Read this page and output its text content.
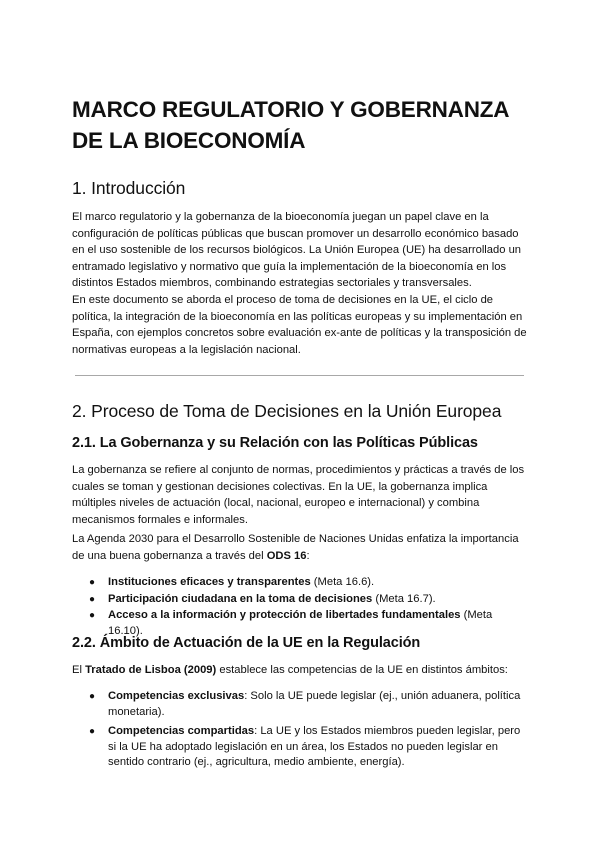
MARCO REGULATORIO Y GOBERNANZA DE LA BIOECONOMÍA
1. Introducción

El marco regulatorio y la gobernanza de la bioeconomía juegan un papel clave en la configuración de políticas públicas que buscan promover un desarrollo económico basado en el uso sostenible de los recursos biológicos. La Unión Europea (UE) ha desarrollado un entramado legislativo y normativo que guía la implementación de la bioeconomía en los distintos Estados miembros, combinando estrategias sectoriales y transversales.

En este documento se aborda el proceso de toma de decisiones en la UE, el ciclo de política, la integración de la bioeconomía en las políticas europeas y su implementación en España, con ejemplos concretos sobre evaluación ex-ante de políticas y la transposición de normativas europeas a la legislación nacional.

2. Proceso de Toma de Decisiones en la Unión Europea
2.1. La Gobernanza y su Relación con las Políticas Públicas

La gobernanza se refiere al conjunto de normas, procedimientos y prácticas a través de los cuales se toman y gestionan decisiones colectivas. En la UE, la gobernanza implica múltiples niveles de actuación (local, nacional, europeo e internacional) y combina mecanismos formales e informales.

La Agenda 2030 para el Desarrollo Sostenible de Naciones Unidas enfatiza la importancia de una buena gobernanza a través del ODS 16:

● Instituciones eficaces y transparentes (Meta 16.6).
● Participación ciudadana en la toma de decisiones (Meta 16.7).
● Acceso a la información y protección de libertades fundamentales (Meta 16.10).
2.2. Ámbito de Actuación de la UE en la Regulación

El Tratado de Lisboa (2009) establece las competencias de la UE en distintos ámbitos:

● Competencias exclusivas: Solo la UE puede legislar (ej., unión aduanera, política monetaria).
● Competencias compartidas: La UE y los Estados miembros pueden legislar, pero si la UE ha adoptado legislación en un área, los Estados no pueden legislar en sentido contrario (ej., agricultura, medio ambiente, energía).
